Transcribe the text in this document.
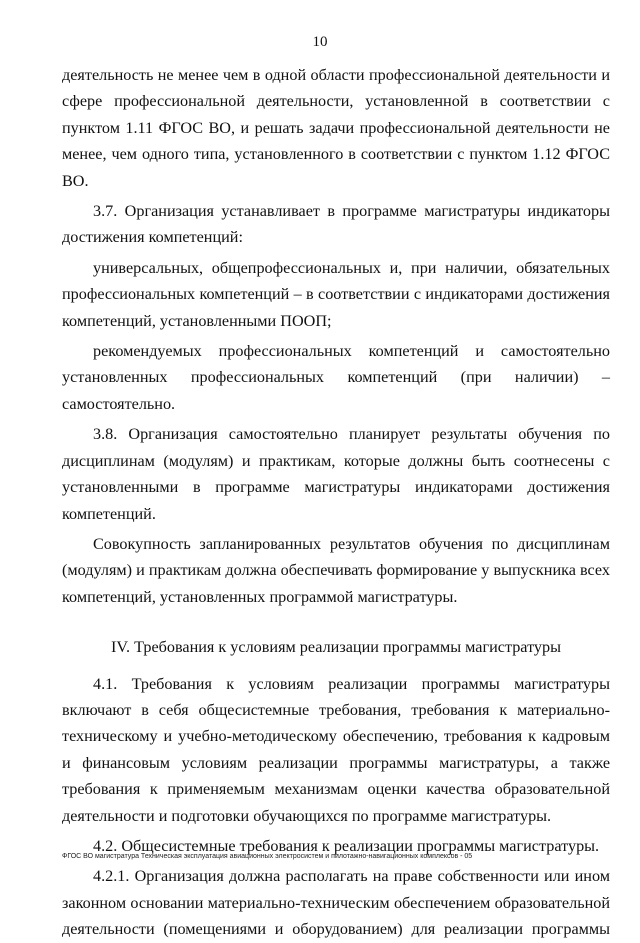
10

деятельность не менее чем в одной области профессиональной деятельности и сфере профессиональной деятельности, установленной в соответствии с пунктом 1.11 ФГОС ВО, и решать задачи профессиональной деятельности не менее, чем одного типа, установленного в соответствии с пунктом 1.12 ФГОС ВО.

3.7. Организация устанавливает в программе магистратуры индикаторы достижения компетенций:

универсальных, общепрофессиональных и, при наличии, обязательных профессиональных компетенций – в соответствии с индикаторами достижения компетенций, установленными ПООП;

рекомендуемых профессиональных компетенций и самостоятельно установленных профессиональных компетенций (при наличии) – самостоятельно.

3.8. Организация самостоятельно планирует результаты обучения по дисциплинам (модулям) и практикам, которые должны быть соотнесены с установленными в программе магистратуры индикаторами достижения компетенций.

Совокупность запланированных результатов обучения по дисциплинам (модулям) и практикам должна обеспечивать формирование у выпускника всех компетенций, установленных программой магистратуры.

IV. Требования к условиям реализации программы магистратуры

4.1. Требования к условиям реализации программы магистратуры включают в себя общесистемные требования, требования к материально-техническому и учебно-методическому обеспечению, требования к кадровым и финансовым условиям реализации программы магистратуры, а также требования к применяемым механизмам оценки качества образовательной деятельности и подготовки обучающихся по программе магистратуры.

4.2. Общесистемные требования к реализации программы магистратуры.

4.2.1. Организация должна располагать на праве собственности или ином законном основании материально-техническим обеспечением образовательной деятельности (помещениями и оборудованием) для реализации программы

ФГОС ВО магистратура Техническая эксплуатация авиационных электросистем и пилотажно-навигационных комплексов - 05
